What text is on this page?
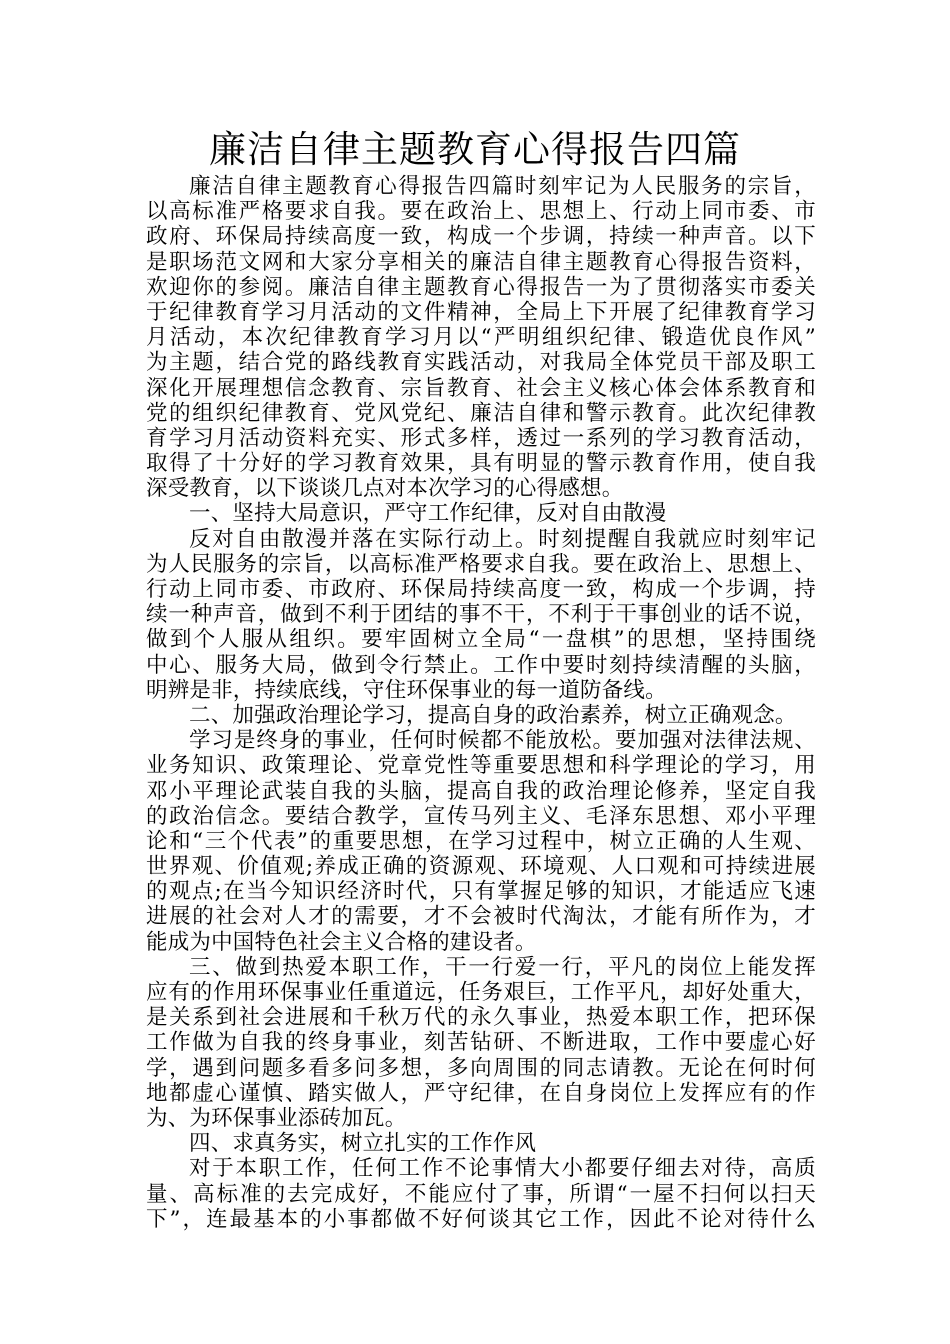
廉洁自律主题教育心得报告四篇
廉洁自律主题教育心得报告四篇时刻牢记为人民服务的宗旨，
以高标准严格要求自我。要在政治上、思想上、行动上同市委、市
政府、环保局持续高度一致，构成一个步调，持续一种声音。以下
是职场范文网和大家分享相关的廉洁自律主题教育心得报告资料，
欢迎你的参阅。廉洁自律主题教育心得报告一为了贯彻落实市委关
于纪律教育学习月活动的文件精神，全局上下开展了纪律教育学习
月活动，本次纪律教育学习月以“严明组织纪律、锻造优良作风”
为主题，结合党的路线教育实践活动，对我局全体党员干部及职工
深化开展理想信念教育、宗旨教育、社会主义核心体会体系教育和
党的组织纪律教育、党风党纪、廉洁自律和警示教育。此次纪律教
育学习月活动资料充实、形式多样，透过一系列的学习教育活动，
取得了十分好的学习教育效果，具有明显的警示教育作用，使自我
深受教育，以下谈谈几点对本次学习的心得感想。
一、坚持大局意识，严守工作纪律，反对自由散漫
反对自由散漫并落在实际行动上。时刻提醒自我就应时刻牢记
为人民服务的宗旨，以高标准严格要求自我。要在政治上、思想上、
行动上同市委、市政府、环保局持续高度一致，构成一个步调，持
续一种声音，做到不利于团结的事不干，不利于干事创业的话不说，
做到个人服从组织。要牢固树立全局“一盘棋”的思想，坚持围绕
中心、服务大局，做到令行禁止。工作中要时刻持续清醒的头脑，
明辨是非，持续底线，守住环保事业的每一道防备线。
二、加强政治理论学习，提高自身的政治素养，树立正确观念。
学习是终身的事业，任何时候都不能放松。要加强对法律法规、
业务知识、政策理论、党章党性等重要思想和科学理论的学习，用
邓小平理论武装自我的头脑，提高自我的政治理论修养，坚定自我
的政治信念。要结合教学，宣传马列主义、毛泽东思想、邓小平理
论和“三个代表”的重要思想，在学习过程中，树立正确的人生观、
世界观、价值观;养成正确的资源观、环境观、人口观和可持续进展
的观点;在当今知识经济时代，只有掌握足够的知识，才能适应飞速
进展的社会对人才的需要，才不会被时代淘汰，才能有所作为，才
能成为中国特色社会主义合格的建设者。
三、做到热爱本职工作，干一行爱一行，平凡的岗位上能发挥
应有的作用环保事业任重道远，任务艰巨，工作平凡，却好处重大，
是关系到社会进展和千秋万代的永久事业，热爱本职工作，把环保
工作做为自我的终身事业，刻苦钻研、不断进取，工作中要虚心好
学，遇到问题多看多问多想，多向周围的同志请教。无论在何时何
地都虚心谨慎、踏实做人，严守纪律，在自身岗位上发挥应有的作
为、为环保事业添砖加瓦。
四、求真务实，树立扎实的工作作风
对于本职工作，任何工作不论事情大小都要仔细去对待，高质
量、高标准的去完成好，不能应付了事，所谓“一屋不扫何以扫天
下”，连最基本的小事都做不好何谈其它工作，因此不论对待什么
